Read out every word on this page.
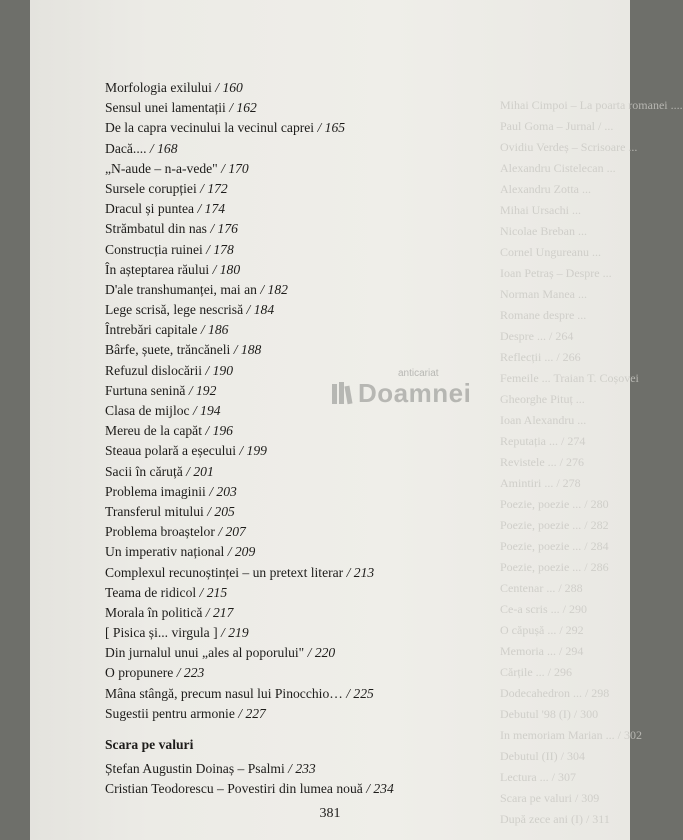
Mihai Cimpoi – La poarta romanei ....
Paul Goma – Jurnal / ...
Ovidiu Verdeș – Scrisoare ...
Alexandru Cistelecan ...
Alexandru Zotta ...
Mihai Ursachi ...
Nicolae Breban ...
Cornel Ungureanu ...
Ioan Petraș – Despre ...
Norman Manea ...
Romane despre ...
Despre ... / 264
Reflecții ... / 266
Femeile ... Traian T. Coșovei
Gheorghe Pituț ...
Ioan Alexandru ...
Reputația ... / 274
Revistele ... / 276
Amintiri ... / 278
Poezie, poezie ... / 280
Poezie, poezie ... / 282
Poezie, poezie ... / 284
Poezie, poezie ... / 286
Centenar ... / 288
Ce-a scris ... / 290
O căpușă ... / 292
Memoria ... / 294
Cărțile ... / 296
Dodecahedron ... / 298
Debutul '98 (I) / 300
In memoriam Marian ... / 302
Debutul (II) / 304
Lectura ... / 307
Scara pe valuri / 309
După zece ani (I) / 311
anticariat
Doamnei
Morfologia exilului / 160
Sensul unei lamentații / 162
De la capra vecinului la vecinul caprei / 165
Dacă.... / 168
„N-aude – n-a-vede" / 170
Sursele corupției / 172
Dracul și puntea / 174
Strămbatul din nas / 176
Construcția ruinei / 178
În așteptarea răului / 180
D'ale transhumanței, mai an / 182
Lege scrisă, lege nescrisă / 184
Întrebări capitale / 186
Bârfe, șuete, trăncăneli / 188
Refuzul dislocării / 190
Furtuna senină / 192
Clasa de mijloc / 194
Mereu de la capăt / 196
Steaua polară a eșecului / 199
Sacii în căruță / 201
Problema imaginii / 203
Transferul mitului / 205
Problema broaștelor / 207
Un imperativ național / 209
Complexul recunoștinței – un pretext literar / 213
Teama de ridicol / 215
Morala în politică / 217
[ Pisica și... virgula ] / 219
Din jurnalul unui „ales al poporului" / 220
O propunere / 223
Mâna stângă, precum nasul lui Pinocchio… / 225
Sugestii pentru armonie / 227
Scara pe valuri
Ștefan Augustin Doinaș – Psalmi / 233
Cristian Teodorescu – Povestiri din lumea nouă / 234
381
